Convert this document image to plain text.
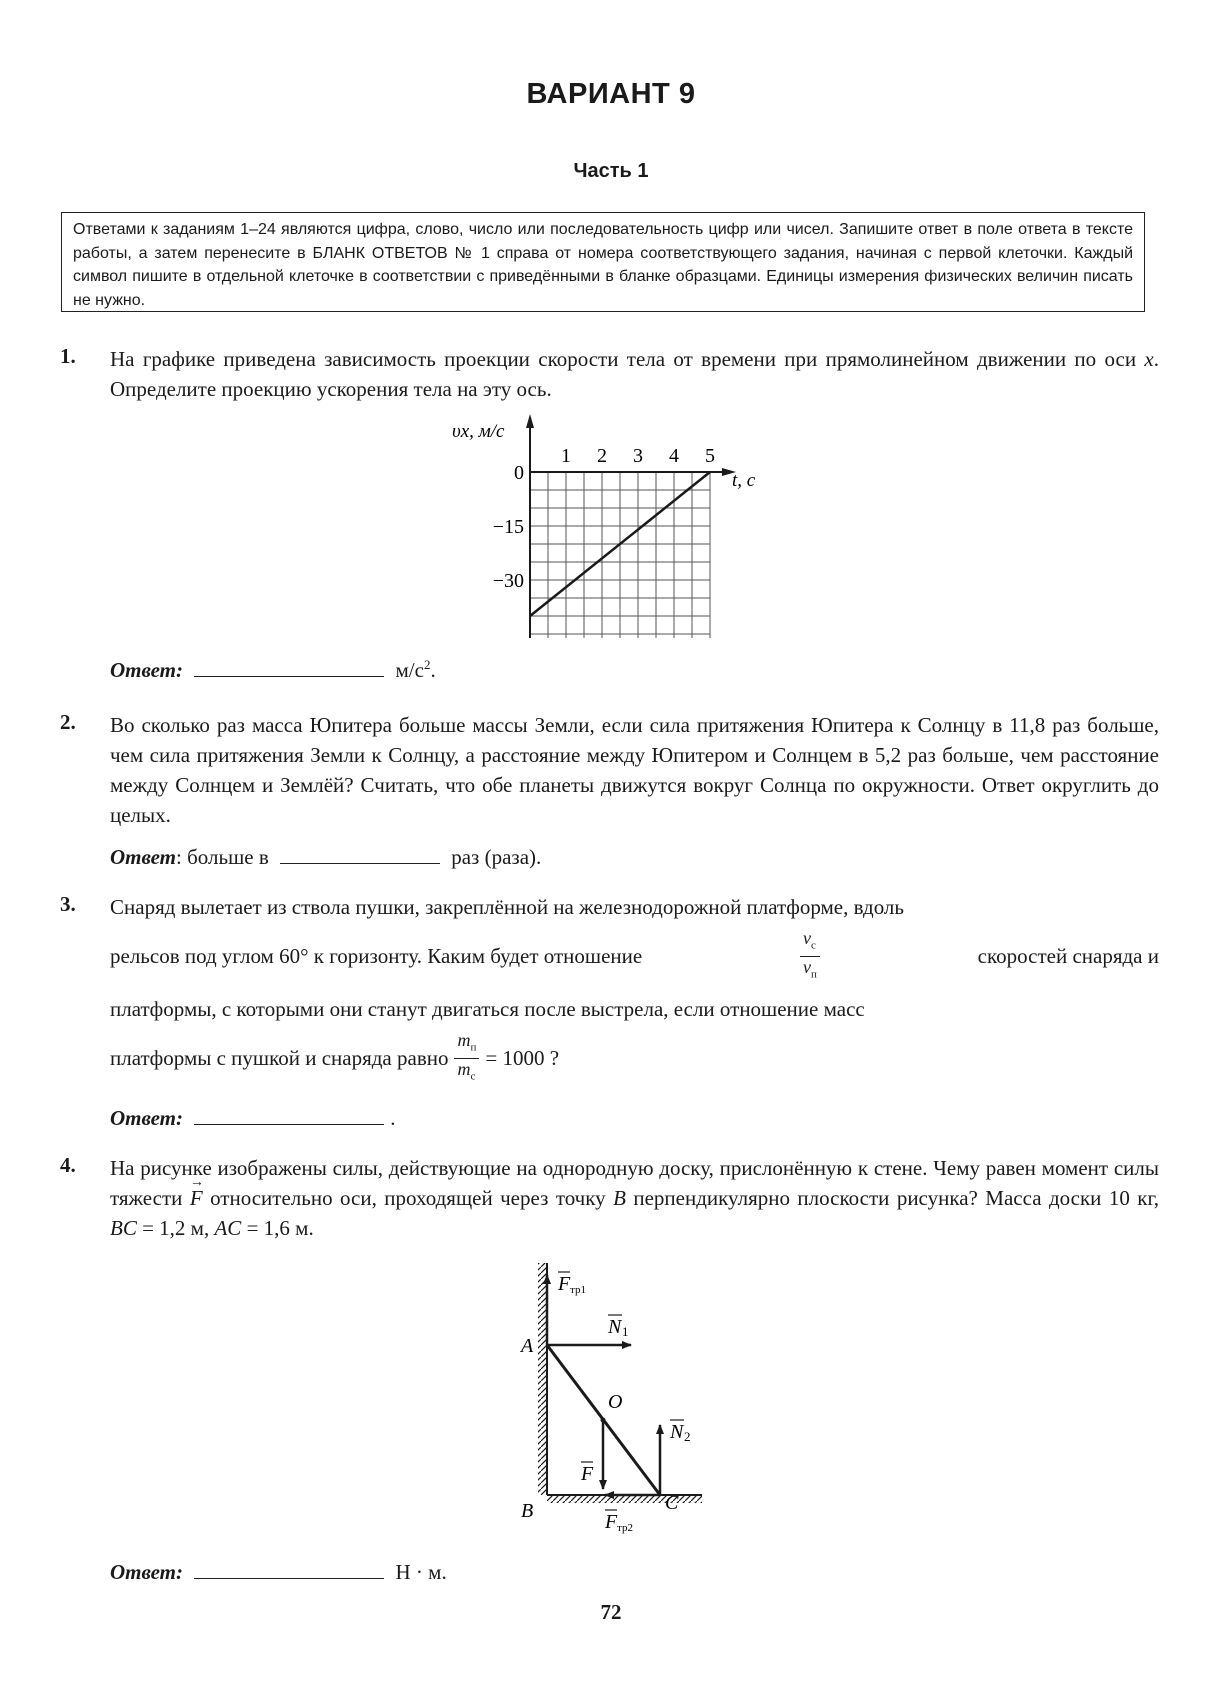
ВАРИАНТ 9
Часть 1
Ответами к заданиям 1–24 являются цифра, слово, число или последовательность цифр или чисел. Запишите ответ в поле ответа в тексте работы, а затем перенесите в БЛАНК ОТВЕТОВ № 1 справа от номера соответствующего задания, начиная с первой клеточки. Каждый символ пишите в отдельной клеточке в соответствии с приведёнными в бланке образцами. Единицы измерения физических величин писать не нужно.
1. На графике приведена зависимость проекции скорости тела от времени при прямолинейном движении по оси x. Определите проекцию ускорения тела на эту ось.
1 2 3 4 5
0
−15
−30
υx, м/с
t, c
Ответ:	$м/с^2$.
2. Во сколько раз масса Юпитера больше массы Земли, если сила притяжения Юпитера к Солнцу в 11,8 раз больше, чем сила притяжения Земли к Солнцу, а расстояние между Юпитером и Солнцем в 5,2 раз больше, чем расстояние между Солнцем и Землёй? Считать, что обе планеты движутся вокруг Солнца по окружности. Ответ округлить до целых.
Ответ: больше в	раз (раза).
3. Снаряд вылетает из ствола пушки, закреплённой на железнодорожной платформе, вдоль
рельсов под углом 60° к горизонту. Каким будет отношение	$\frac{v_с}{v_п}$	скоростей снаряда и
платформы, с которыми они станут двигаться после выстрела, если отношение масс
платформы с пушкой и снаряда равно $\frac{m_п}{m_с} = 1000$ ?
Ответ:	.
4. На рисунке изображены силы, действующие на однородную доску, прислонённую к стене. Чему равен момент силы тяжести → F относительно оси, проходящей через точку B перпендикулярно плоскости рисунка? Масса доски 10 кг, BC = 1,2 м, AC = 1,6 м.
A
B	C
O
F тр1
N 1
F
N 2
F тр2
Ответ:	Н · м.
72
